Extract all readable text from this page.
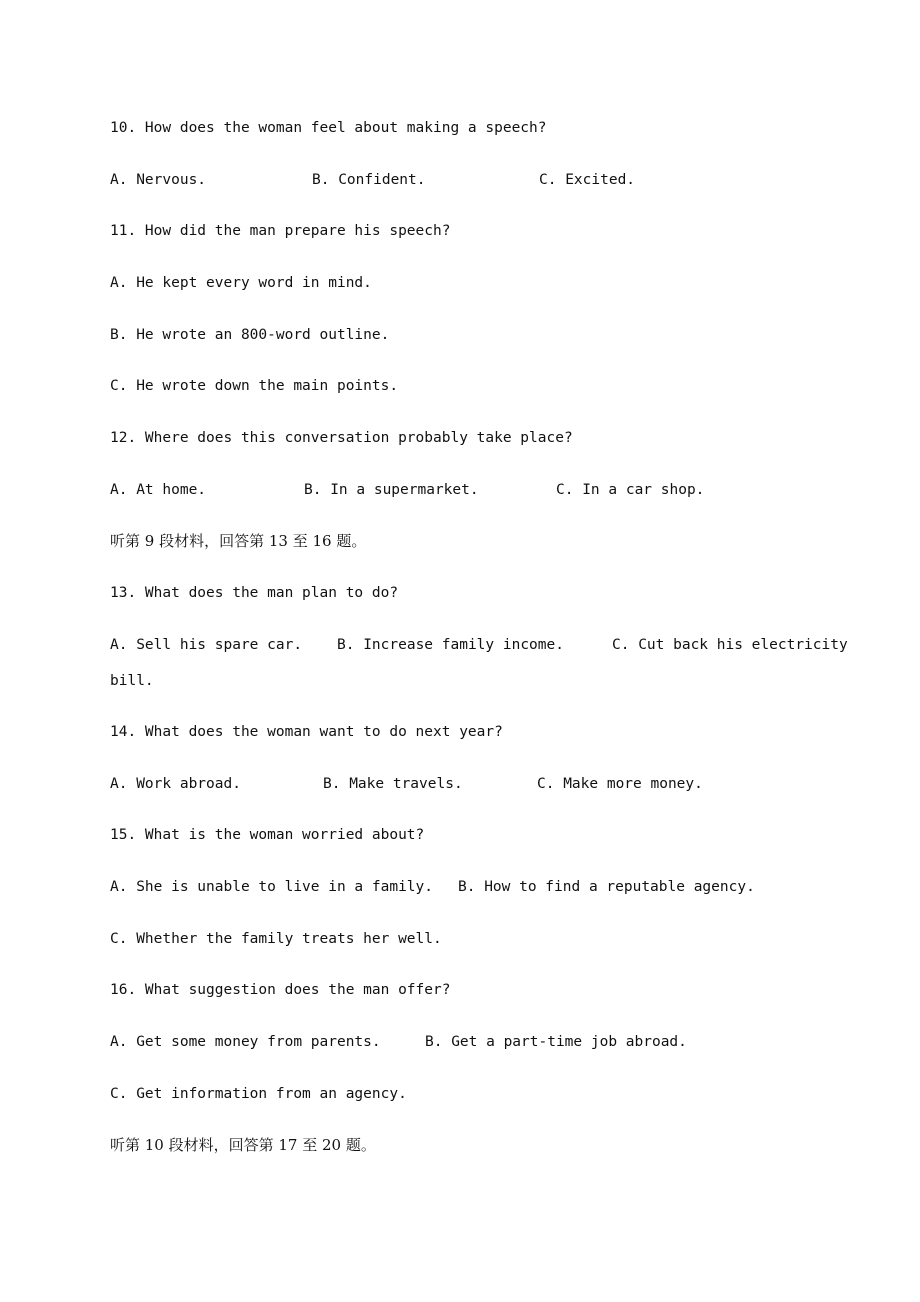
10. How does the woman feel about making a speech?
A. Nervous.	B. Confident.	C. Excited.
11. How did the man prepare his speech?
A. He kept every word in mind.
B. He wrote an 800-word outline.
C. He wrote down the main points.
12. Where does this conversation probably take place?
A. At home.	B. In a supermarket.	C. In a car shop.
听第 9 段材料，回答第 13 至 16 题。
13. What does the man plan to do?
A. Sell his spare car. B. Increase family income.	C. Cut back his electricity
bill.
14. What does the woman want to do next year?
A. Work abroad.	B. Make travels.	C. Make more money.
15. What is the woman worried about?
A. She is unable to live in a family. B. How to find a reputable agency.
C. Whether the family treats her well.
16. What suggestion does the man offer?
A. Get some money from parents.	B. Get a part-time job abroad.
C. Get information from an agency.
听第 10 段材料，回答第 17 至 20 题。
